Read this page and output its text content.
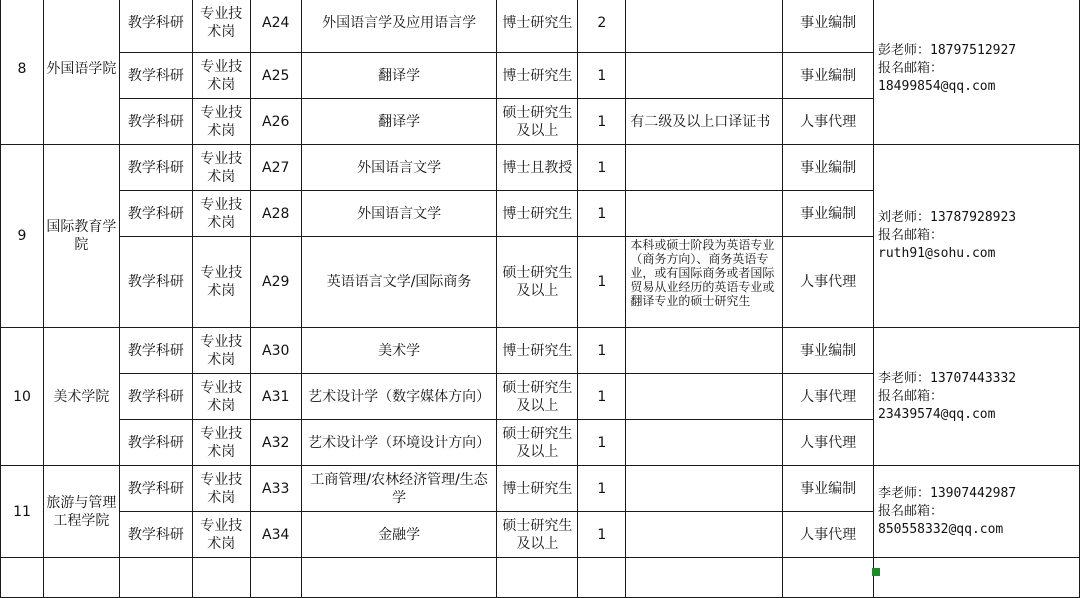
8	外国语学院	教学科研	专业技术岗	A24	外国语言学及应用语言学	博士研究生	2		事业编制	彭老师：18797512927
报名邮箱：
18499854@qq.com

		教学科研	专业技术岗	A25	翻译学	博士研究生	1		事业编制	
		教学科研	专业技术岗	A26	翻译学	硕士研究生及以上	1	有二级及以上口译证书	人事代理	
9	国际教育学院	教学科研	专业技术岗	A27	外国语言文学	博士且教授	1		事业编制	刘老师：13787928923
报名邮箱：
ruth91@sohu.com

		教学科研	专业技术岗	A28	外国语言文学	博士研究生	1		事业编制	
		教学科研	专业技术岗	A29	英语语言文学/国际商务	硕士研究生及以上	1	本科或硕士阶段为英语专业（商务方向）、商务英语专业，或有国际商务或者国际贸易从业经历的英语专业或翻译专业的硕士研究生	人事代理	
10	美术学院	教学科研	专业技术岗	A30	美术学	博士研究生	1		事业编制	李老师：13707443332
报名邮箱：
23439574@qq.com

		教学科研	专业技术岗	A31	艺术设计学（数字媒体方向）	硕士研究生及以上	1		人事代理	
		教学科研	专业技术岗	A32	艺术设计学（环境设计方向）	硕士研究生及以上	1		人事代理	
11	旅游与管理工程学院	教学科研	专业技术岗	A33	工商管理/农林经济管理/生态学	博士研究生	1		事业编制	李老师：13907442987
报名邮箱：
850558332@qq.com

		教学科研	专业技术岗	A34	金融学	硕士研究生及以上	1		人事代理	
